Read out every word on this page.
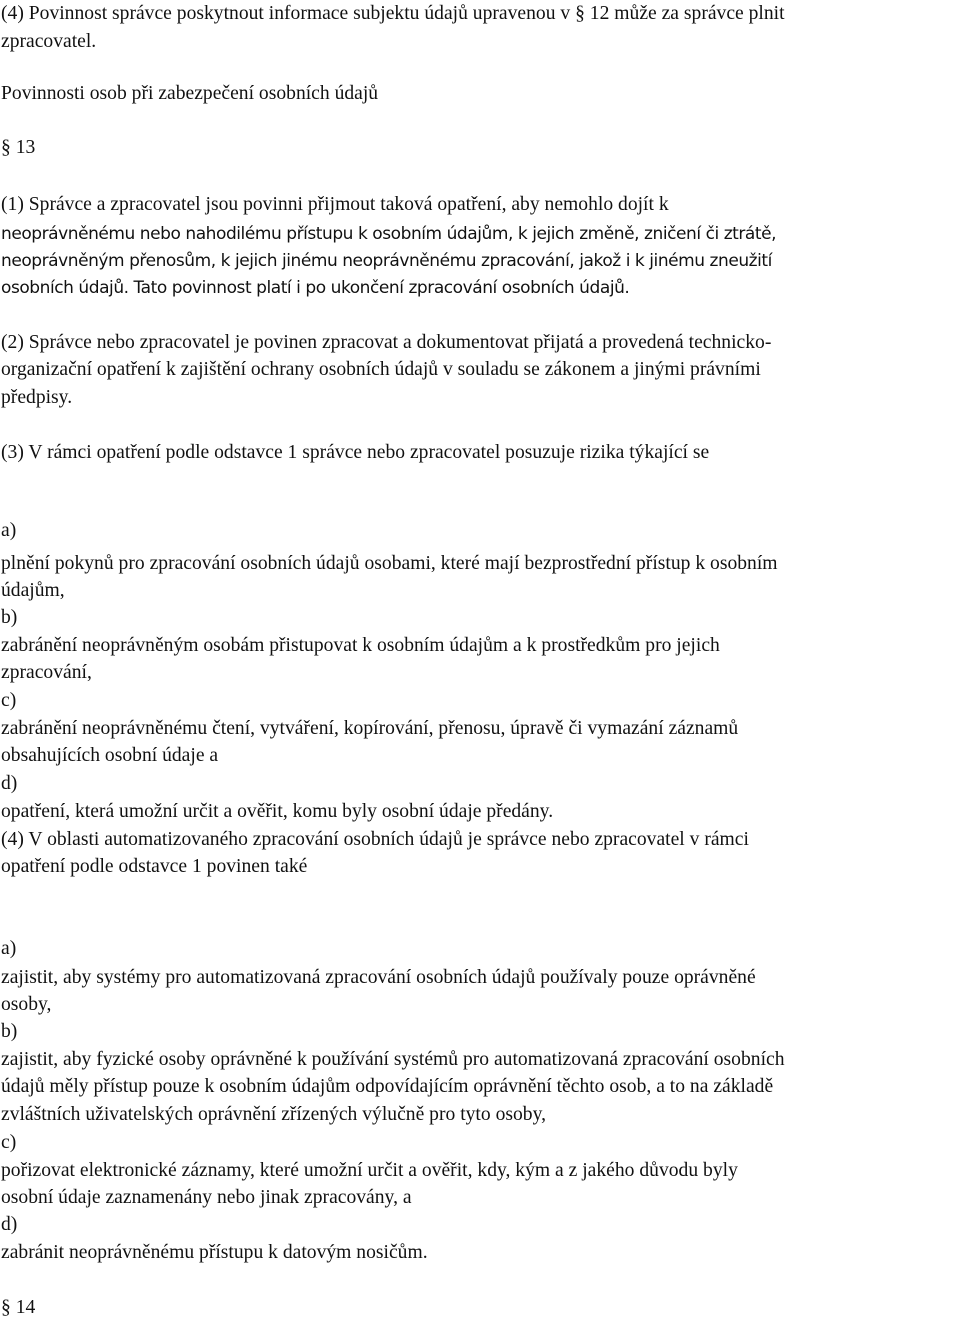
(4) Povinnost správce poskytnout informace subjektu údajů upravenou v § 12 může za správce plnit
zpracovatel.
Povinnosti osob při zabezpečení osobních údajů
§ 13
(1) Správce a zpracovatel jsou povinni přijmout taková opatření, aby nemohlo dojít k
neoprávněnému nebo nahodilému přístupu k osobním údajům, k jejich změně, zničení či ztrátě,
neoprávněným přenosům, k jejich jinému neoprávněnému zpracování, jakož i k jinému zneužití
osobních údajů. Tato povinnost platí i po ukončení zpracování osobních údajů.
(2) Správce nebo zpracovatel je povinen zpracovat a dokumentovat přijatá a provedená technicko-
organizační opatření k zajištění ochrany osobních údajů v souladu se zákonem a jinými právními
předpisy.
(3) V rámci opatření podle odstavce 1 správce nebo zpracovatel posuzuje rizika týkající se
a)
plnění pokynů pro zpracování osobních údajů osobami, které mají bezprostřední přístup k osobním
údajům,
b)
zabránění neoprávněným osobám přistupovat k osobním údajům a k prostředkům pro jejich
zpracování,
c)
zabránění neoprávněnému čtení, vytváření, kopírování, přenosu, úpravě či vymazání záznamů
obsahujících osobní údaje a
d)
opatření, která umožní určit a ověřit, komu byly osobní údaje předány.
(4) V oblasti automatizovaného zpracování osobních údajů je správce nebo zpracovatel v rámci
opatření podle odstavce 1 povinen také
a)
zajistit, aby systémy pro automatizovaná zpracování osobních údajů používaly pouze oprávněné
osoby,
b)
zajistit, aby fyzické osoby oprávněné k používání systémů pro automatizovaná zpracování osobních
údajů měly přístup pouze k osobním údajům odpovídajícím oprávnění těchto osob, a to na základě
zvláštních uživatelských oprávnění zřízených výlučně pro tyto osoby,
c)
pořizovat elektronické záznamy, které umožní určit a ověřit, kdy, kým a z jakého důvodu byly
osobní údaje zaznamenány nebo jinak zpracovány, a
d)
zabránit neoprávněnému přístupu k datovým nosičům.
§ 14
